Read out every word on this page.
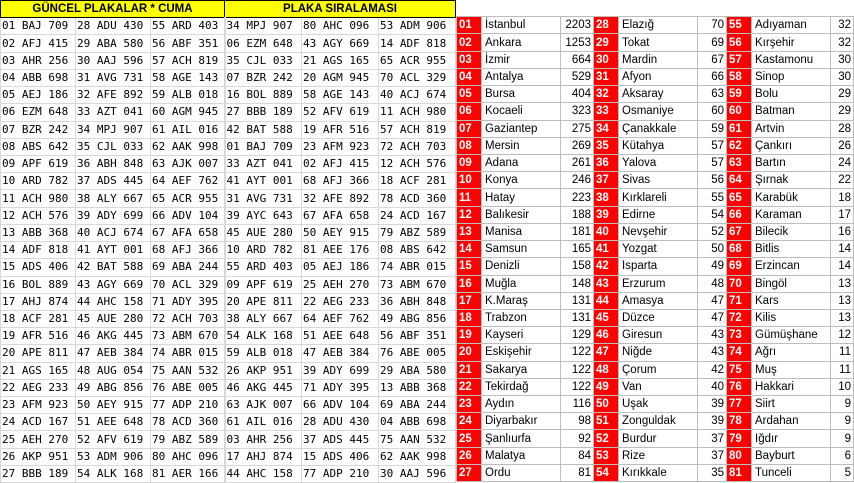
GÜNCEL PLAKALAR * CUMA			PLAKA SIRALAMASI		
01 BAJ 709	28 ADU 430	55 ARD 403	34 MPJ 907	80 AHC 096	53 ADM 906
02 AFJ 415	29 ABA 580	56 ABF 351	06 EZM 648	43 AGY 669	14 ADF 818
03 AHR 256	30 AAJ 596	57 ACH 819	35 CJL 033	21 AGS 165	65 ACR 955
04 ABB 698	31 AVG 731	58 AGE 143	07 BZR 242	20 AGM 945	70 ACL 329
05 AEJ 186	32 AFE 892	59 ALB 018	16 BOL 889	58 AGE 143	40 ACJ 674
06 EZM 648	33 AZT 041	60 AGM 945	27 BBB 189	52 AFV 619	11 ACH 980
07 BZR 242	34 MPJ 907	61 AIL 016	42 BAT 588	19 AFR 516	57 ACH 819
08 ABS 642	35 CJL 033	62 AAK 998	01 BAJ 709	23 AFM 923	72 ACH 703
09 APF 619	36 ABH 848	63 AJK 007	33 AZT 041	02 AFJ 415	12 ACH 576
10 ARD 782	37 ADS 445	64 AEF 762	41 AYT 001	68 AFJ 366	18 ACF 281
11 ACH 980	38 ALY 667	65 ACR 955	31 AVG 731	32 AFE 892	78 ACD 360
12 ACH 576	39 ADY 699	66 ADV 104	39 AYC 643	67 AFA 658	24 ACD 167
13 ABB 368	40 ACJ 674	67 AFA 658	45 AUE 280	50 AEY 915	79 ABZ 589
14 ADF 818	41 AYT 001	68 AFJ 366	10 ARD 782	81 AEE 176	08 ABS 642
15 ADS 406	42 BAT 588	69 ABA 244	55 ARD 403	05 AEJ 186	74 ABR 015
16 BOL 889	43 AGY 669	70 ACL 329	09 APF 619	25 AEH 270	73 ABM 670
17 AHJ 874	44 AHC 158	71 ADY 395	20 APE 811	22 AEG 233	36 ABH 848
18 ACF 281	45 AUE 280	72 ACH 703	38 ALY 667	64 AEF 762	49 ABG 856
19 AFR 516	46 AKG 445	73 ABM 670	54 ALK 168	51 AEE 648	56 ABF 351
20 APE 811	47 AEB 384	74 ABR 015	59 ALB 018	47 AEB 384	76 ABE 005
21 AGS 165	48 AUG 054	75 AAN 532	26 AKP 951	39 ADY 699	29 ABA 580
22 AEG 233	49 ABG 856	76 ABE 005	46 AKG 445	71 ADY 395	13 ABB 368
23 AFM 923	50 AEY 915	77 ADP 210	63 AJK 007	66 ADV 104	69 ABA 244
24 ACD 167	51 AEE 648	78 ACD 360	61 AIL 016	28 ADU 430	04 ABB 698
25 AEH 270	52 AFV 619	79 ABZ 589	03 AHR 256	37 ADS 445	75 AAN 532
26 AKP 951	53 ADM 906	80 AHC 096	17 AHJ 874	15 ADS 406	62 AAK 998
27 BBB 189	54 ALK 168	81 AER 166	44 AHC 158	77 ADP 210	30 AAJ 596

01	İstanbul	2203	28	Elazığ	70	55	Adıyaman	32
02	Ankara	1253	29	Tokat	69	56	Kırşehir	32
03	İzmir	664	30	Mardin	67	57	Kastamonu	30
04	Antalya	529	31	Afyon	66	58	Sinop	30
05	Bursa	404	32	Aksaray	63	59	Bolu	29
06	Kocaeli	323	33	Osmaniye	60	60	Batman	29
07	Gaziantep	275	34	Çanakkale	59	61	Artvin	28
08	Mersin	269	35	Kütahya	57	62	Çankırı	26
09	Adana	261	36	Yalova	57	63	Bartın	24
10	Konya	246	37	Sivas	56	64	Şırnak	22
11	Hatay	223	38	Kırklareli	55	65	Karabük	18
12	Balıkesir	188	39	Edirne	54	66	Karaman	17
13	Manisa	181	40	Nevşehir	52	67	Bilecik	16
14	Samsun	165	41	Yozgat	50	68	Bitlis	14
15	Denizli	158	42	Isparta	49	69	Erzincan	14
16	Muğla	148	43	Erzurum	48	70	Bingöl	13
17	K.Maraş	131	44	Amasya	47	71	Kars	13
18	Trabzon	131	45	Düzce	47	72	Kilis	13
19	Kayseri	129	46	Giresun	43	73	Gümüşhane	12
20	Eskişehir	122	47	Niğde	43	74	Ağrı	11
21	Sakarya	122	48	Çorum	42	75	Muş	11
22	Tekirdağ	122	49	Van	40	76	Hakkari	10
23	Aydın	116	50	Uşak	39	77	Siirt	9
24	Diyarbakır	98	51	Zonguldak	39	78	Ardahan	9
25	Şanlıurfa	92	52	Burdur	37	79	Iğdır	9
26	Malatya	84	53	Rize	37	80	Bayburt	6
27	Ordu	81	54	Kırıkkale	35	81	Tunceli	5
